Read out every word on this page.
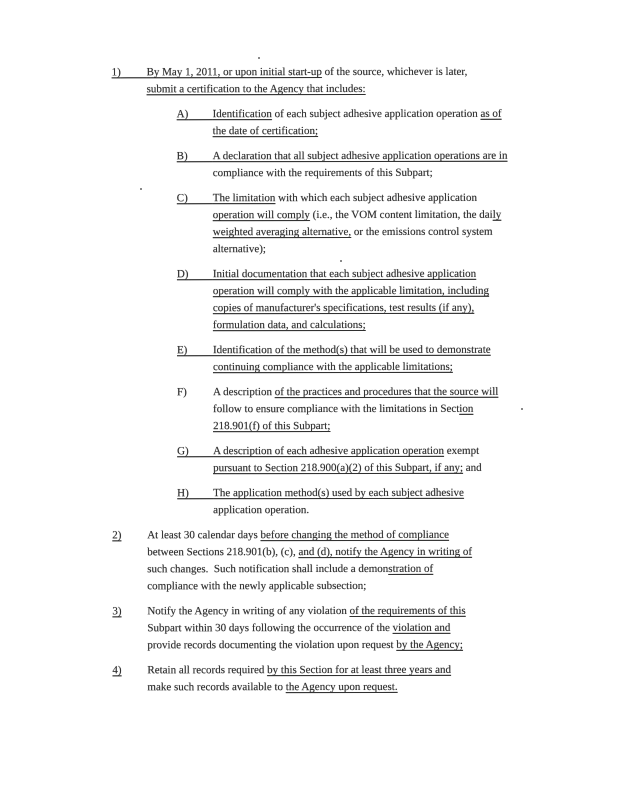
1)	By May 1, 2011, or upon initial start-up of the source, whichever is later,
submit a certification to the Agency that includes:
A)	Identification of each subject adhesive application operation as of
the date of certification;
B)	A declaration that all subject adhesive application operations are in
compliance with the requirements of this Subpart;
C)	The limitation with which each subject adhesive application
operation will comply (i.e., the VOM content limitation, the daily
weighted averaging alternative, or the emissions control system
alternative);
D)	Initial documentation that each subject adhesive application
operation will comply with the applicable limitation, including
copies of manufacturer's specifications, test results (if any),
formulation data, and calculations;
E)	Identification of the method(s) that will be used to demonstrate
continuing compliance with the applicable limitations;
F)	A description of the practices and procedures that the source will
follow to ensure compliance with the limitations in Section
218.901(f) of this Subpart;
G)	A description of each adhesive application operation exempt
pursuant to Section 218.900(a)(2) of this Subpart, if any; and
H)	The application method(s) used by each subject adhesive
application operation.
2)	At least 30 calendar days before changing the method of compliance
between Sections 218.901(b), (c), and (d), notify the Agency in writing of
such changes.  Such notification shall include a demonstration of
compliance with the newly applicable subsection;
3)	Notify the Agency in writing of any violation of the requirements of this
Subpart within 30 days following the occurrence of the violation and
provide records documenting the violation upon request by the Agency;
4)	Retain all records required by this Section for at least three years and
make such records available to the Agency upon request.
